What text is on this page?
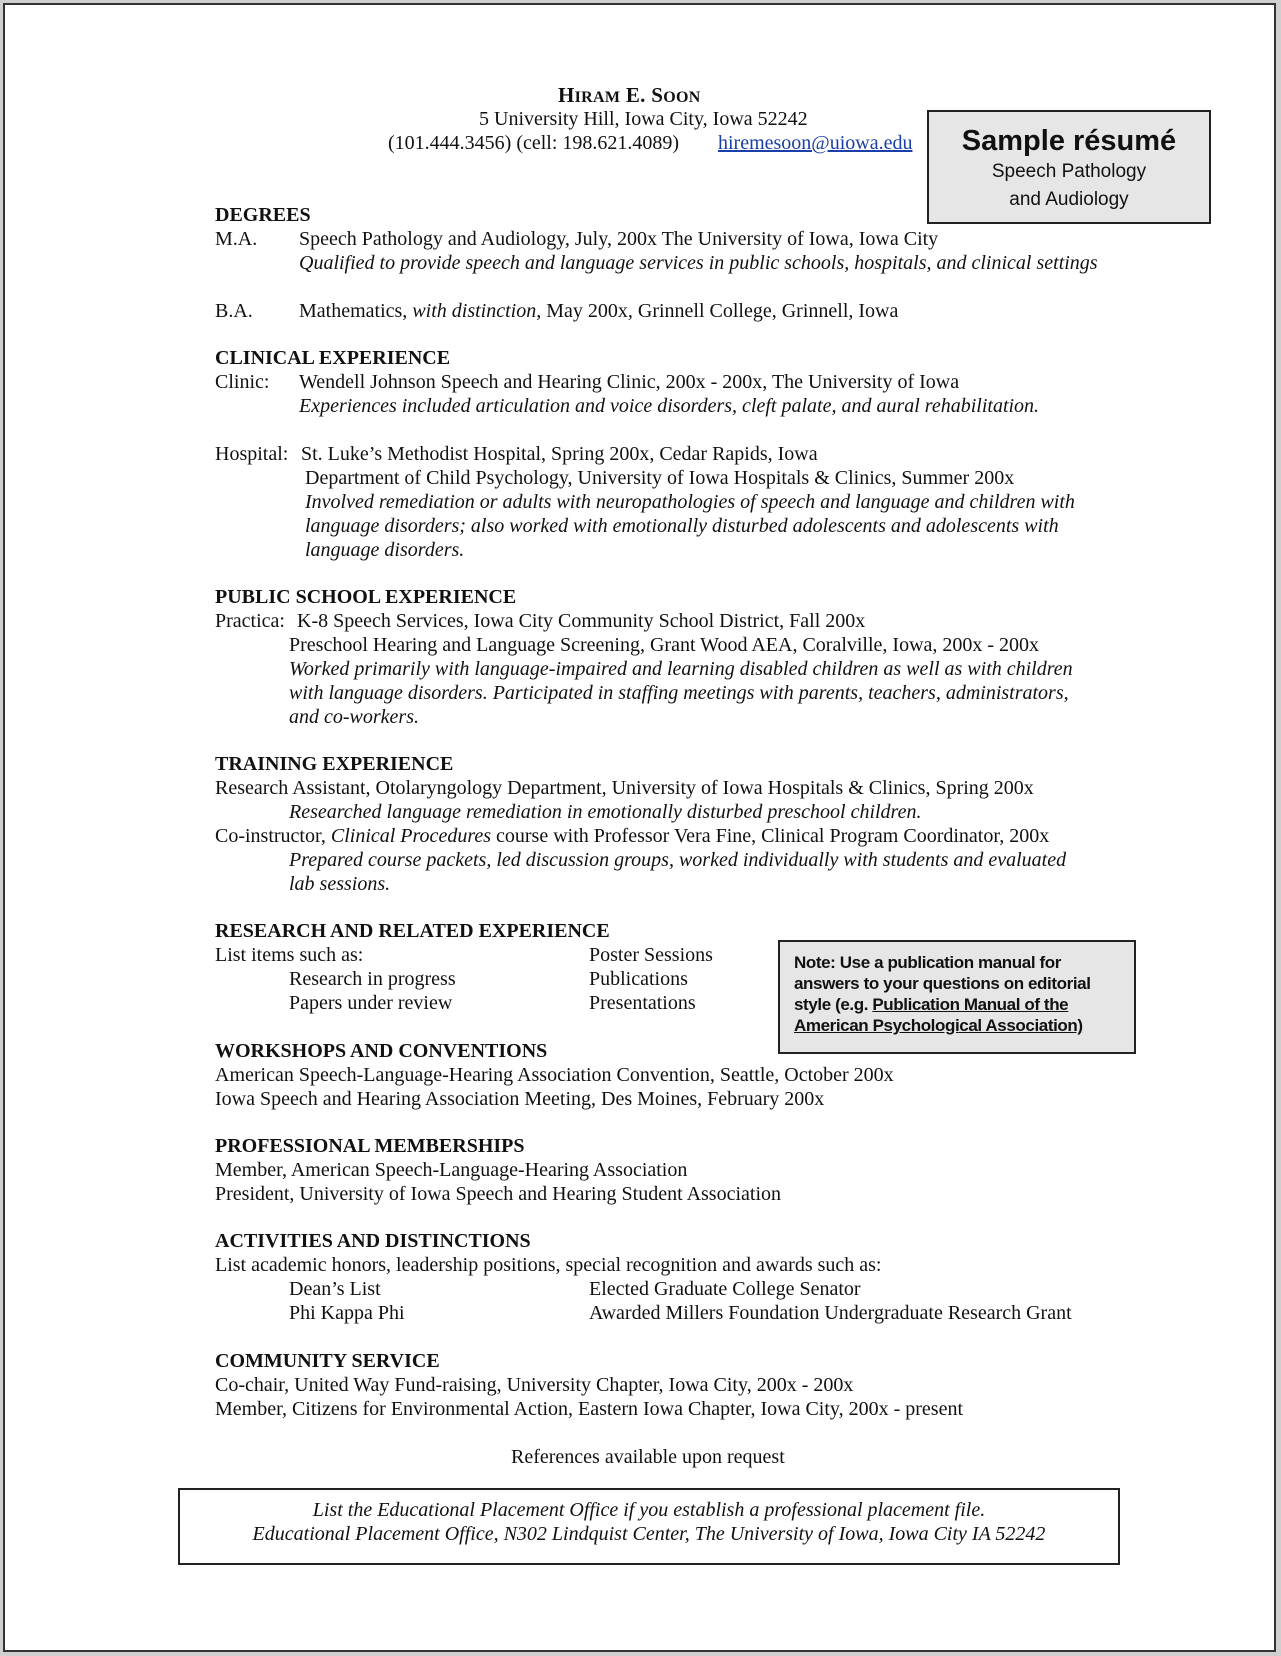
HIRAM E. SOON
5 University Hill, Iowa City, Iowa 52242
(101.444.3456) (cell: 198.621.4089) hiremesoon@uiowa.edu	Sample résumé
Speech Pathology
and Audiology
DEGREES
M.A. Speech Pathology and Audiology, July, 200x The University of Iowa, Iowa City
Qualified to provide speech and language services in public schools, hospitals, and clinical settings
B.A. Mathematics, with distinction, May 200x, Grinnell College, Grinnell, Iowa
CLINICAL EXPERIENCE
Clinic: Wendell Johnson Speech and Hearing Clinic, 200x - 200x, The University of Iowa
Experiences included articulation and voice disorders, cleft palate, and aural rehabilitation.
Hospital: St. Luke’s Methodist Hospital, Spring 200x, Cedar Rapids, Iowa
Department of Child Psychology, University of Iowa Hospitals & Clinics, Summer 200x
Involved remediation or adults with neuropathologies of speech and language and children with
language disorders; also worked with emotionally disturbed adolescents and adolescents with
language disorders.
PUBLIC SCHOOL EXPERIENCE
Practica: K-8 Speech Services, Iowa City Community School District, Fall 200x
Preschool Hearing and Language Screening, Grant Wood AEA, Coralville, Iowa, 200x - 200x
Worked primarily with language-impaired and learning disabled children as well as with children
with language disorders. Participated in staffing meetings with parents, teachers, administrators,
and co-workers.
TRAINING EXPERIENCE
Research Assistant, Otolaryngology Department, University of Iowa Hospitals & Clinics, Spring 200x
Researched language remediation in emotionally disturbed preschool children.
Co-instructor, Clinical Procedures course with Professor Vera Fine, Clinical Program Coordinator, 200x
Prepared course packets, led discussion groups, worked individually with students and evaluated
lab sessions.
RESEARCH AND RELATED EXPERIENCE
List items such as:
Research in progress
Papers under review
Poster Sessions
Publications
Presentations
Note: Use a publication manual for
answers to your questions on editorial
style (e.g. Publication Manual of the
American Psychological Association)
WORKSHOPS AND CONVENTIONS
American Speech-Language-Hearing Association Convention, Seattle, October 200x
Iowa Speech and Hearing Association Meeting, Des Moines, February 200x
PROFESSIONAL MEMBERSHIPS
Member, American Speech-Language-Hearing Association
President, University of Iowa Speech and Hearing Student Association
ACTIVITIES AND DISTINCTIONS
List academic honors, leadership positions, special recognition and awards such as:
Dean’s List
Phi Kappa Phi
Elected Graduate College Senator
Awarded Millers Foundation Undergraduate Research Grant
COMMUNITY SERVICE
Co-chair, United Way Fund-raising, University Chapter, Iowa City, 200x - 200x
Member, Citizens for Environmental Action, Eastern Iowa Chapter, Iowa City, 200x - present
References available upon request
List the Educational Placement Office if you establish a professional placement file.
Educational Placement Office, N302 Lindquist Center, The University of Iowa, Iowa City IA 52242
